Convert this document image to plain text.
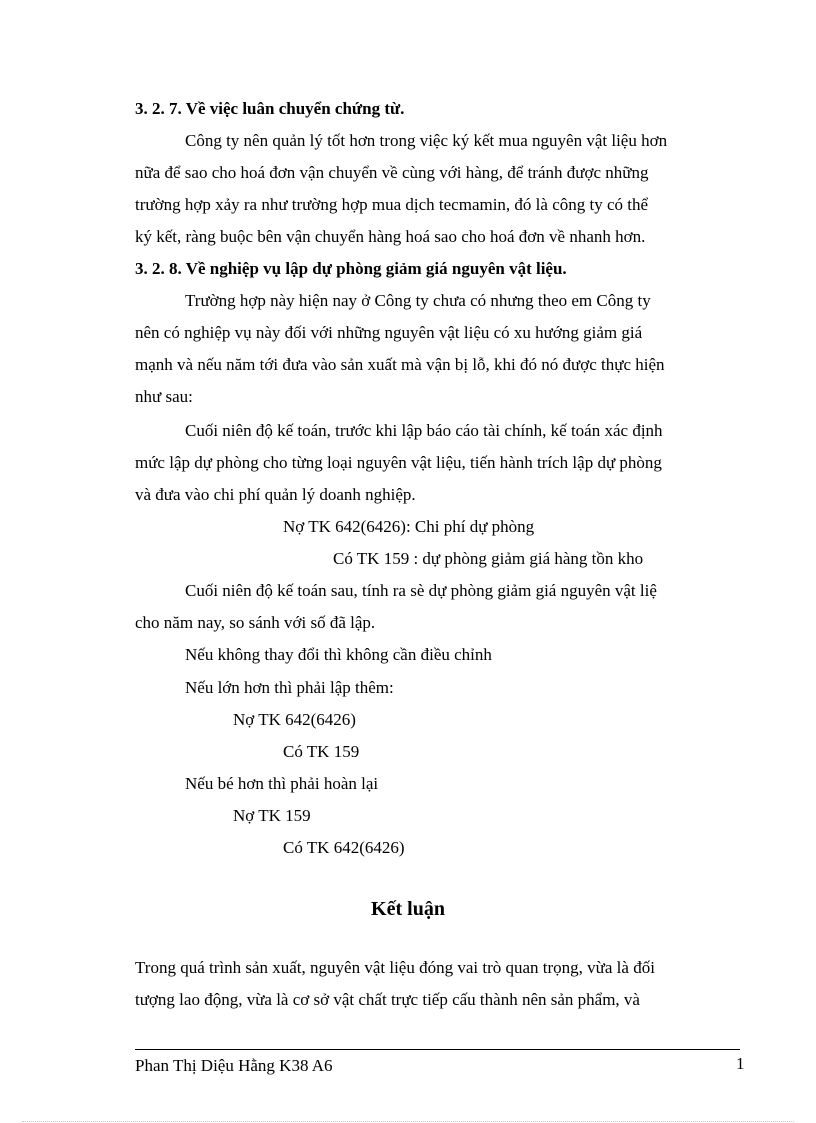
3. 2. 7. Về việc luân chuyển chứng từ.
Công ty nên quản lý tốt hơn trong việc ký kết mua nguyên vật liệu hơn
nữa để sao cho hoá đơn vận chuyển về cùng với hàng, để tránh được những
trường hợp xảy ra như trường hợp mua dịch tecmamin, đó là công ty có thể
ký kết, ràng buộc bên vận chuyển hàng hoá sao cho hoá đơn về nhanh hơn.
3. 2. 8. Về nghiệp vụ lập dự phòng giảm giá nguyên vật liệu.
Trường hợp này hiện nay ở Công ty chưa có nhưng theo em Công ty
nên có nghiệp vụ này đối với những nguyên vật liệu có xu hướng giảm giá
mạnh và nếu năm tới đưa vào sản xuất mà vận bị lỗ, khi đó nó được thực hiện
như sau:
Cuối niên độ kế toán, trước khi lập báo cáo tài chính, kế toán xác định
mức lập dự phòng cho từng loại nguyên vật liệu, tiến hành trích lập dự phòng
và đưa vào chi phí quản lý doanh nghiệp.
Nợ TK 642(6426): Chi phí dự phòng
Có TK 159 : dự phòng giảm giá hàng tồn kho
Cuối niên độ kế toán sau, tính ra sè dự phòng giảm giá nguyên vật liệ
cho năm nay, so sánh với số đã lập.
Nếu không thay đổi thì không cần điều chỉnh
Nếu lớn hơn thì phải lập thêm:
Nợ TK 642(6426)
Có TK 159
Nếu bé hơn thì phải hoàn lại
Nợ TK 159
Có TK 642(6426)
Kết luận
Trong quá trình sản xuất, nguyên vật liệu đóng vai trò quan trọng, vừa là đối
tượng lao động, vừa là cơ sở vật chất trực tiếp cấu thành nên sản phẩm, và
Phan Thị Diệu Hằng K38 A6	1
